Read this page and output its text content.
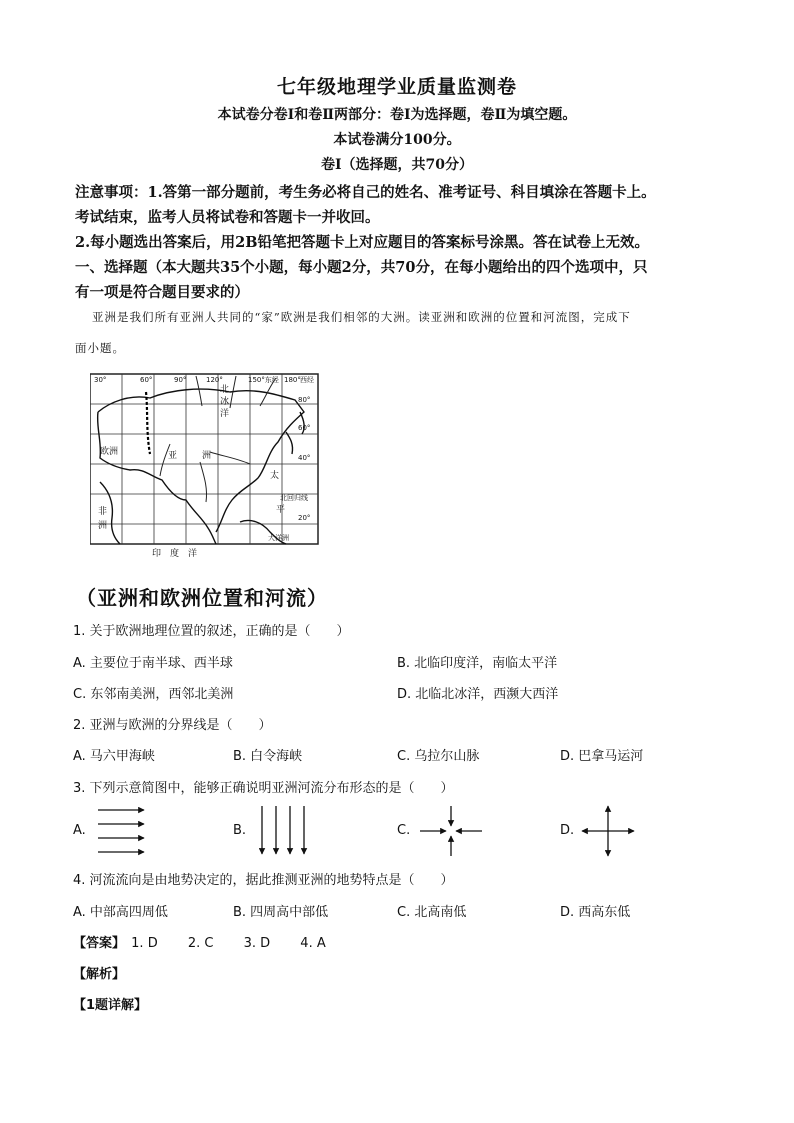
七年级地理学业质量监测卷
本试卷分卷Ⅰ和卷Ⅱ两部分：卷Ⅰ为选择题，卷Ⅱ为填空题。
本试卷满分100分。
卷Ⅰ（选择题，共70分）
注意事项：1.答第一部分题前，考生务必将自己的姓名、准考证号、科目填涂在答题卡上。
考试结束，监考人员将试卷和答题卡一并收回。
2.每小题选出答案后，用2B铅笔把答题卡上对应题目的答案标号涂黑。答在试卷上无效。
一、选择题（本大题共35个小题，每小题2分，共70分，在每小题给出的四个选项中，只
有一项是符合题目要求的）
亚洲是我们所有亚洲人共同的“家”欧洲是我们相邻的大洲。读亚洲和欧洲的位置和河流图，完成下
面小题。
30°	60°	90°	120°	150°东经 180° 西经
80°
60°
40°
北回归线
20°
北
冰
洋
欧洲	亚	洲
太
平
非
洲
印 度 洋
大洋洲
（亚洲和欧洲位置和河流）
1. 关于欧洲地理位置的叙述，正确的是（　　）
A. 主要位于南半球、西半球	B. 北临印度洋，南临太平洋
C. 东邻南美洲，西邻北美洲	D. 北临北冰洋，西濒大西洋
2. 亚洲与欧洲的分界线是（　　）
A. 马六甲海峡	B. 白令海峡	C. 乌拉尔山脉	D. 巴拿马运河
3. 下列示意简图中，能够正确说明亚洲河流分布形态的是（　　）
A.	B.	C.	D.
4. 河流流向是由地势决定的，据此推测亚洲的地势特点是（　　）
A. 中部高四周低	B. 四周高中部低	C. 北高南低	D. 西高东低
【答案】 1. D 2. C 3. D 4. A
【解析】
【1题详解】
